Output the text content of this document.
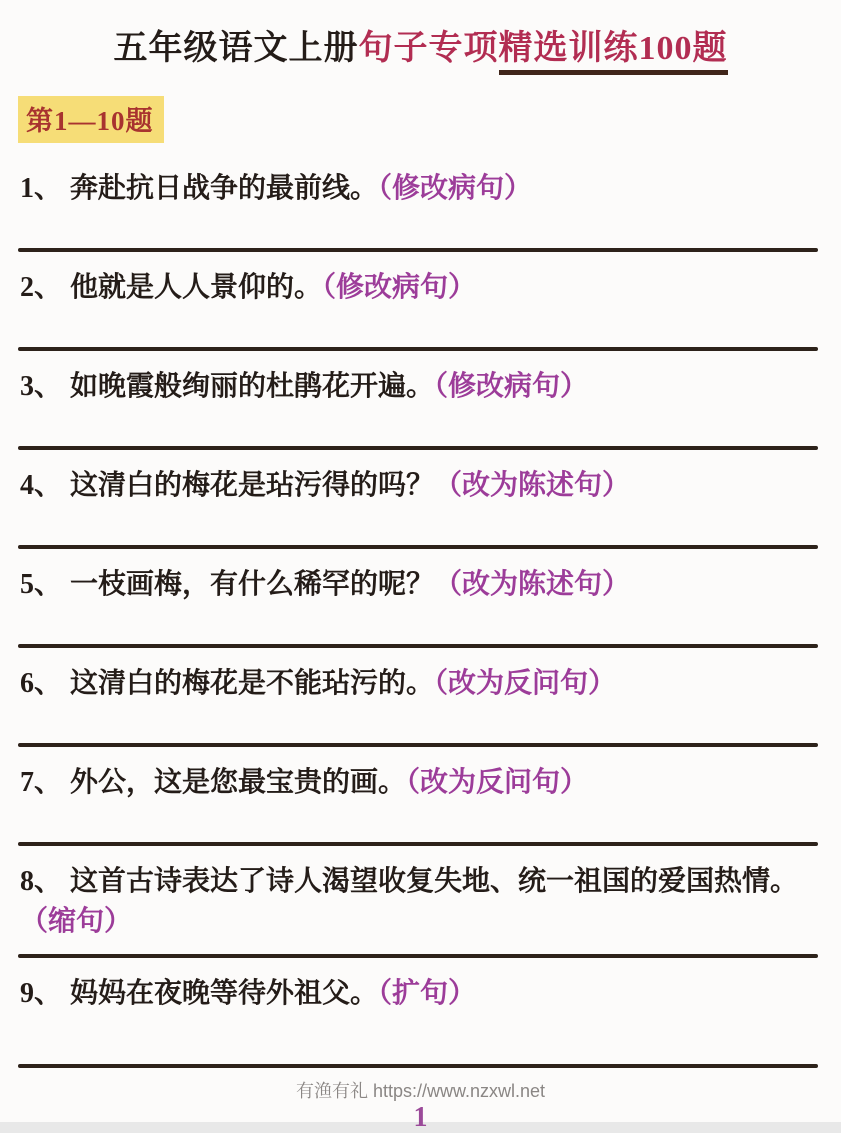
五年级语文上册句子专项精选训练100题
第1—10题
1、 奔赴抗日战争的最前线。（修改病句）
2、 他就是人人景仰的。（修改病句）
3、 如晚霞般绚丽的杜鹃花开遍。（修改病句）
4、 这清白的梅花是玷污得的吗？（改为陈述句）
5、 一枝画梅，有什么稀罕的呢？（改为陈述句）
6、 这清白的梅花是不能玷污的。（改为反问句）
7、 外公，这是您最宝贵的画。（改为反问句）
8、 这首古诗表达了诗人渴望收复失地、统一祖国的爱国热情。（缩句）
9、 妈妈在夜晚等待外祖父。（扩句）
有渔有礼 https://www.nzxwl.net
1
